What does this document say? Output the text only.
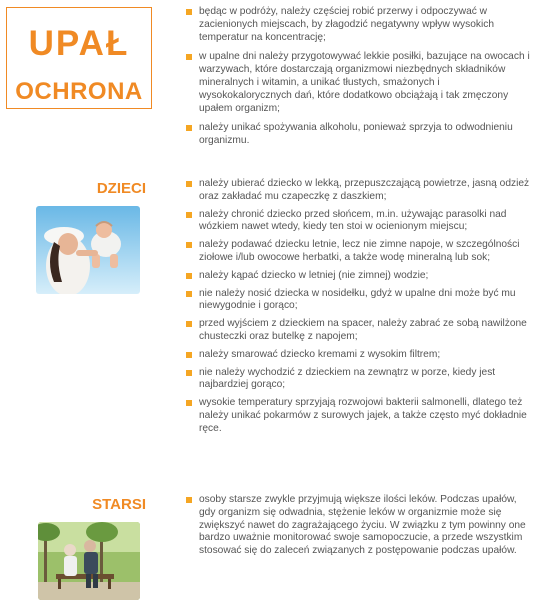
UPAŁ
OCHRONA
będąc w podróży, należy częściej robić przerwy i odpoczywać w zacienionych miejscach, by złagodzić negatywny wpływ wysokich temperatur na koncentrację;
w upalne dni należy przygotowywać lekkie posiłki, bazujące na owocach i warzywach, które dostarczają organizmowi niezbędnych składników mineralnych i witamin, a unikać tłustych, smażonych i wysokokalorycznych dań, które dodatkowo obciążają i tak zmęczony upałem organizm;
należy unikać spożywania alkoholu, ponieważ sprzyja to odwodnieniu organizmu.
DZIECI	należy ubierać dziecko w lekką, przepuszczającą powietrze, jasną odzież oraz zakładać mu czapeczkę z daszkiem;
należy chronić dziecko przed słońcem, m.in. używając parasolki nad wózkiem nawet wtedy, kiedy ten stoi w ocienionym miejscu;
należy podawać dziecku letnie, lecz nie zimne napoje, w szczególności ziołowe i/lub owocowe herbatki, a także wodę mineralną lub sok;
należy kąpać dziecko w letniej (nie zimnej) wodzie;
nie należy nosić dziecka w nosidełku, gdyż w upalne dni może być mu niewygodnie i gorąco;
przed wyjściem z dzieckiem na spacer, należy zabrać ze sobą nawilżone chusteczki oraz butelkę z napojem;
należy smarować dziecko kremami z wysokim filtrem;
nie należy wychodzić z dzieckiem na zewnątrz w porze, kiedy jest najbardziej gorąco;
wysokie temperatury sprzyjają rozwojowi bakterii salmonelli, dlatego też należy unikać pokarmów z surowych jajek, a także często myć dokładnie ręce.
STARSI	osoby starsze zwykle przyjmują większe ilości leków. Podczas upałów, gdy organizm się odwadnia, stężenie leków w organizmie może się zwiększyć nawet do zagrażającego życiu. W związku z tym powinny one bardzo uważnie monitorować swoje samopoczucie, a przede wszystkim stosować się do zaleceń związanych z postępowanie podczas upałów.
